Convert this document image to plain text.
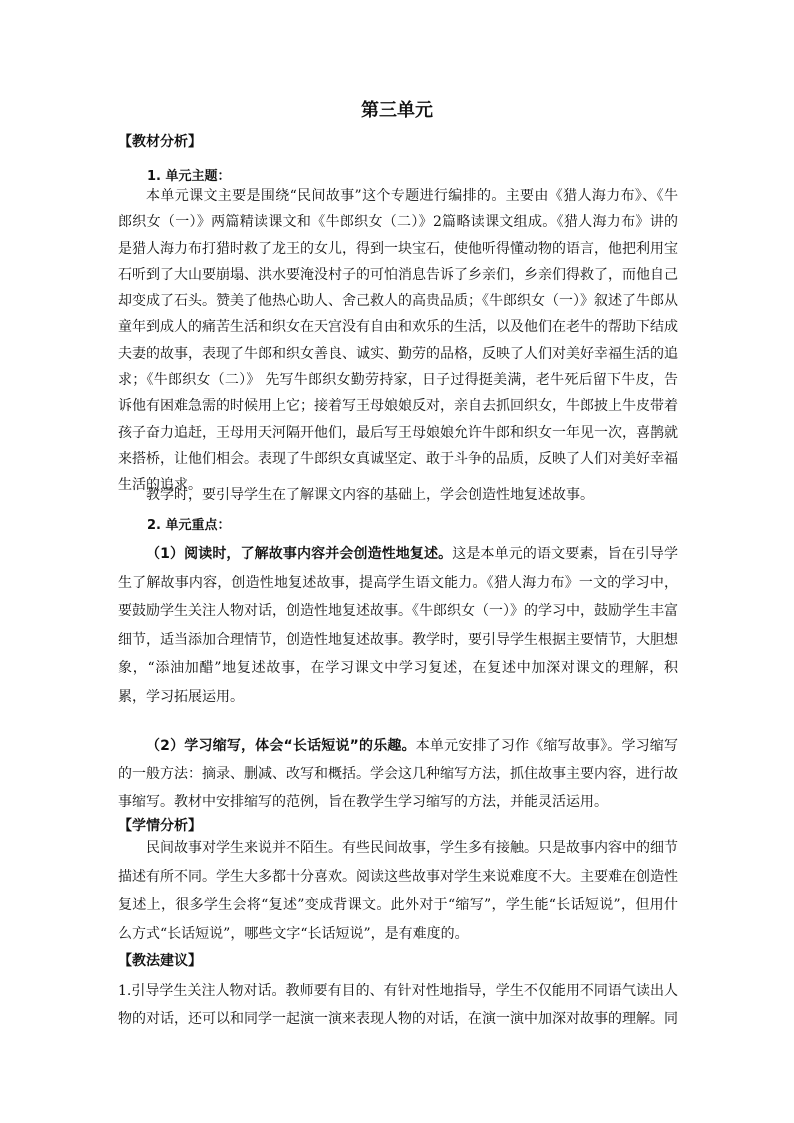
第三单元
【教材分析】
1. 单元主题：

本单元课文主要是围绕“民间故事”这个专题进行编排的。主要由《猎人海力布》、《牛郎织女（一）》两篇精读课文和《牛郎织女（二）》2篇略读课文组成。《猎人海力布》讲的是猎人海力布打猎时救了龙王的女儿，得到一块宝石，使他听得懂动物的语言，他把利用宝石听到了大山要崩塌、洪水要淹没村子的可怕消息告诉了乡亲们，乡亲们得救了，而他自己却变成了石头。赞美了他热心助人、舍己救人的高贵品质；《牛郎织女（一）》叙述了牛郎从童年到成人的痛苦生活和织女在天宫没有自由和欢乐的生活，以及他们在老牛的帮助下结成夫妻的故事，表现了牛郎和织女善良、诚实、勤劳的品格，反映了人们对美好幸福生活的追求；《牛郎织女（二）》 先写牛郎织女勤劳持家，日子过得挺美满，老牛死后留下牛皮，告诉他有困难急需的时候用上它；接着写王母娘娘反对，亲自去抓回织女，牛郎披上牛皮带着孩子奋力追赶，王母用天河隔开他们，最后写王母娘娘允许牛郎和织女一年见一次，喜鹊就来搭桥，让他们相会。表现了牛郎织女真诚坚定、敢于斗争的品质，反映了人们对美好幸福生活的追求。

教学时，要引导学生在了解课文内容的基础上，学会创造性地复述故事。

2. 单元重点：

（1）阅读时，了解故事内容并会创造性地复述。这是本单元的语文要素，旨在引导学生了解故事内容，创造性地复述故事，提高学生语文能力。《猎人海力布》一文的学习中，要鼓励学生关注人物对话，创造性地复述故事。《牛郎织女（一）》的学习中，鼓励学生丰富细节，适当添加合理情节，创造性地复述故事。教学时，要引导学生根据主要情节，大胆想象，“添油加醋”地复述故事，在学习课文中学习复述，在复述中加深对课文的理解，积累，学习拓展运用。

（2）学习缩写，体会“长话短说”的乐趣。本单元安排了习作《缩写故事》。学习缩写的一般方法：摘录、删减、改写和概括。学会这几种缩写方法，抓住故事主要内容，进行故事缩写。教材中安排缩写的范例，旨在教学生学习缩写的方法，并能灵活运用。

【学情分析】

民间故事对学生来说并不陌生。有些民间故事，学生多有接触。只是故事内容中的细节描述有所不同。学生大多都十分喜欢。阅读这些故事对学生来说难度不大。主要难在创造性复述上，很多学生会将“复述”变成背课文。此外对于“缩写”，学生能“长话短说”，但用什么方式“长话短说”，哪些文字“长话短说”，是有难度的。

【教法建议】

1.引导学生关注人物对话。教师要有目的、有针对性地指导，学生不仅能用不同语气读出人物的对话，还可以和同学一起演一演来表现人物的对话，在演一演中加深对故事的理解。同
